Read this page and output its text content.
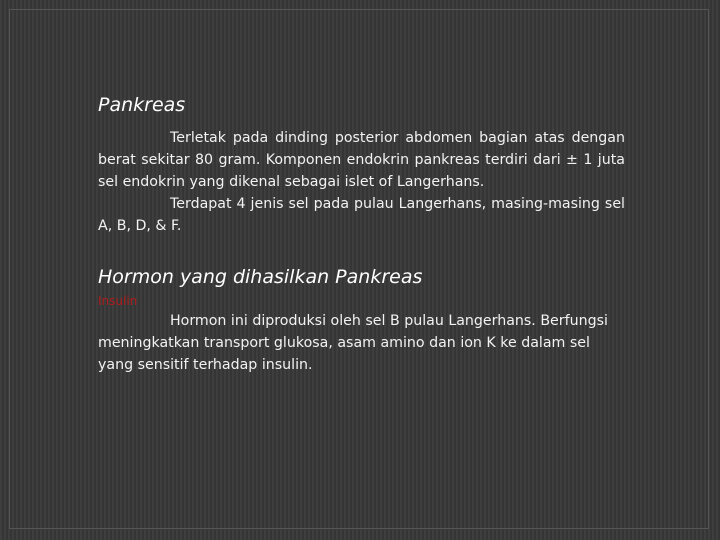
Pankreas

Terletak pada dinding posterior abdomen bagian atas dengan berat sekitar 80 gram. Komponen endokrin pankreas terdiri dari ± 1 juta sel endokrin yang dikenal sebagai islet of Langerhans.

Terdapat 4 jenis sel pada pulau Langerhans, masing-masing sel A, B, D, & F.

Hormon yang dihasilkan Pankreas
Insulin

Hormon ini diproduksi oleh sel B pulau Langerhans. Berfungsi meningkatkan transport glukosa, asam amino dan ion K ke dalam sel yang sensitif terhadap insulin.
